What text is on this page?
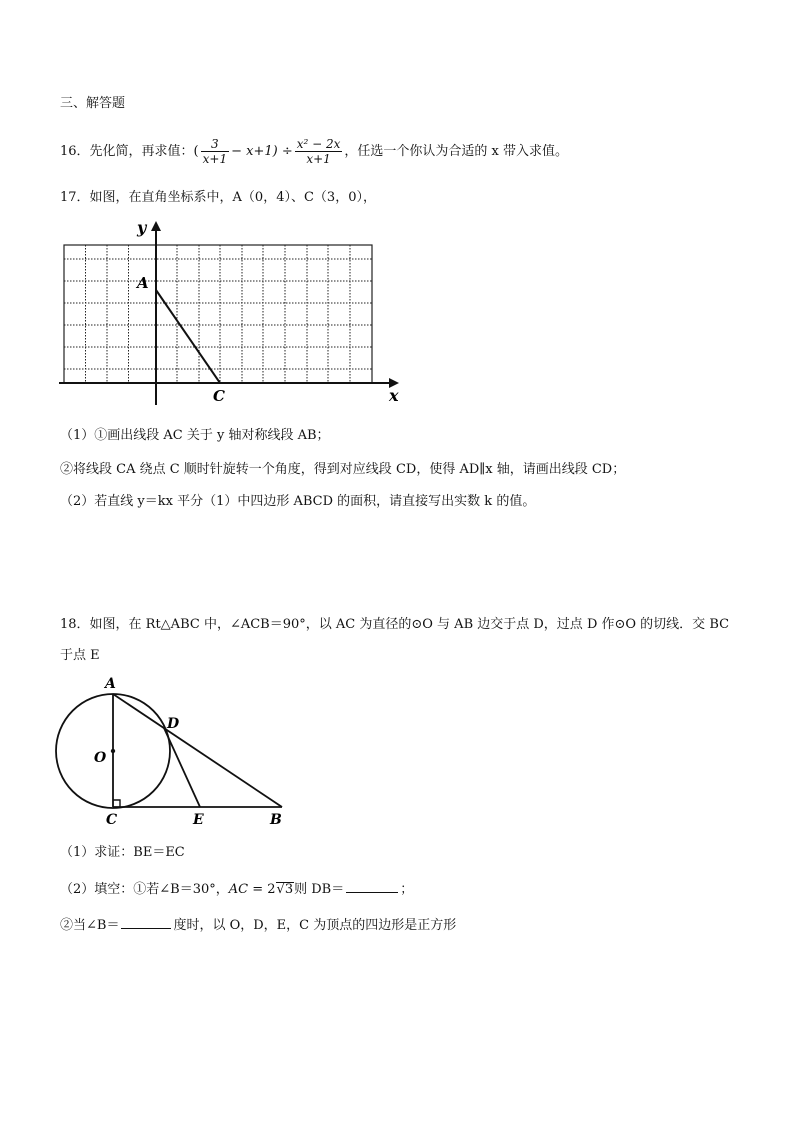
三、解答题
16．先化简，再求值：( $\frac{3}{x+1} - x+1) \div \frac{\text{x² − 2x}}{x+1}$ ，任选一个你认为合适的 x 带入求值。
17．如图，在直角坐标系中，A（0，4）、C（3，0），
y
A
C	x
（1）①画出线段 AC 关于 y 轴对称线段 AB；
②将线段 CA 绕点 C 顺时针旋转一个角度，得到对应线段 CD，使得 AD∥x 轴，请画出线段 CD；
（2）若直线 y＝kx 平分（1）中四边形 ABCD 的面积，请直接写出实数 k 的值。
18．如图，在 Rt△ABC 中，∠ACB＝90°，以 AC 为直径的⊙O 与 AB 边交于点 D，过点 D 作⊙O 的切线．交 BC
于点 E
A
D
O
C	E	B
（1）求证：BE＝EC
（2）填空：①若∠B＝30°，AC = 2√3则 DB＝	；
②当∠B＝	度时，以 O，D，E，C 为顶点的四边形是正方形
